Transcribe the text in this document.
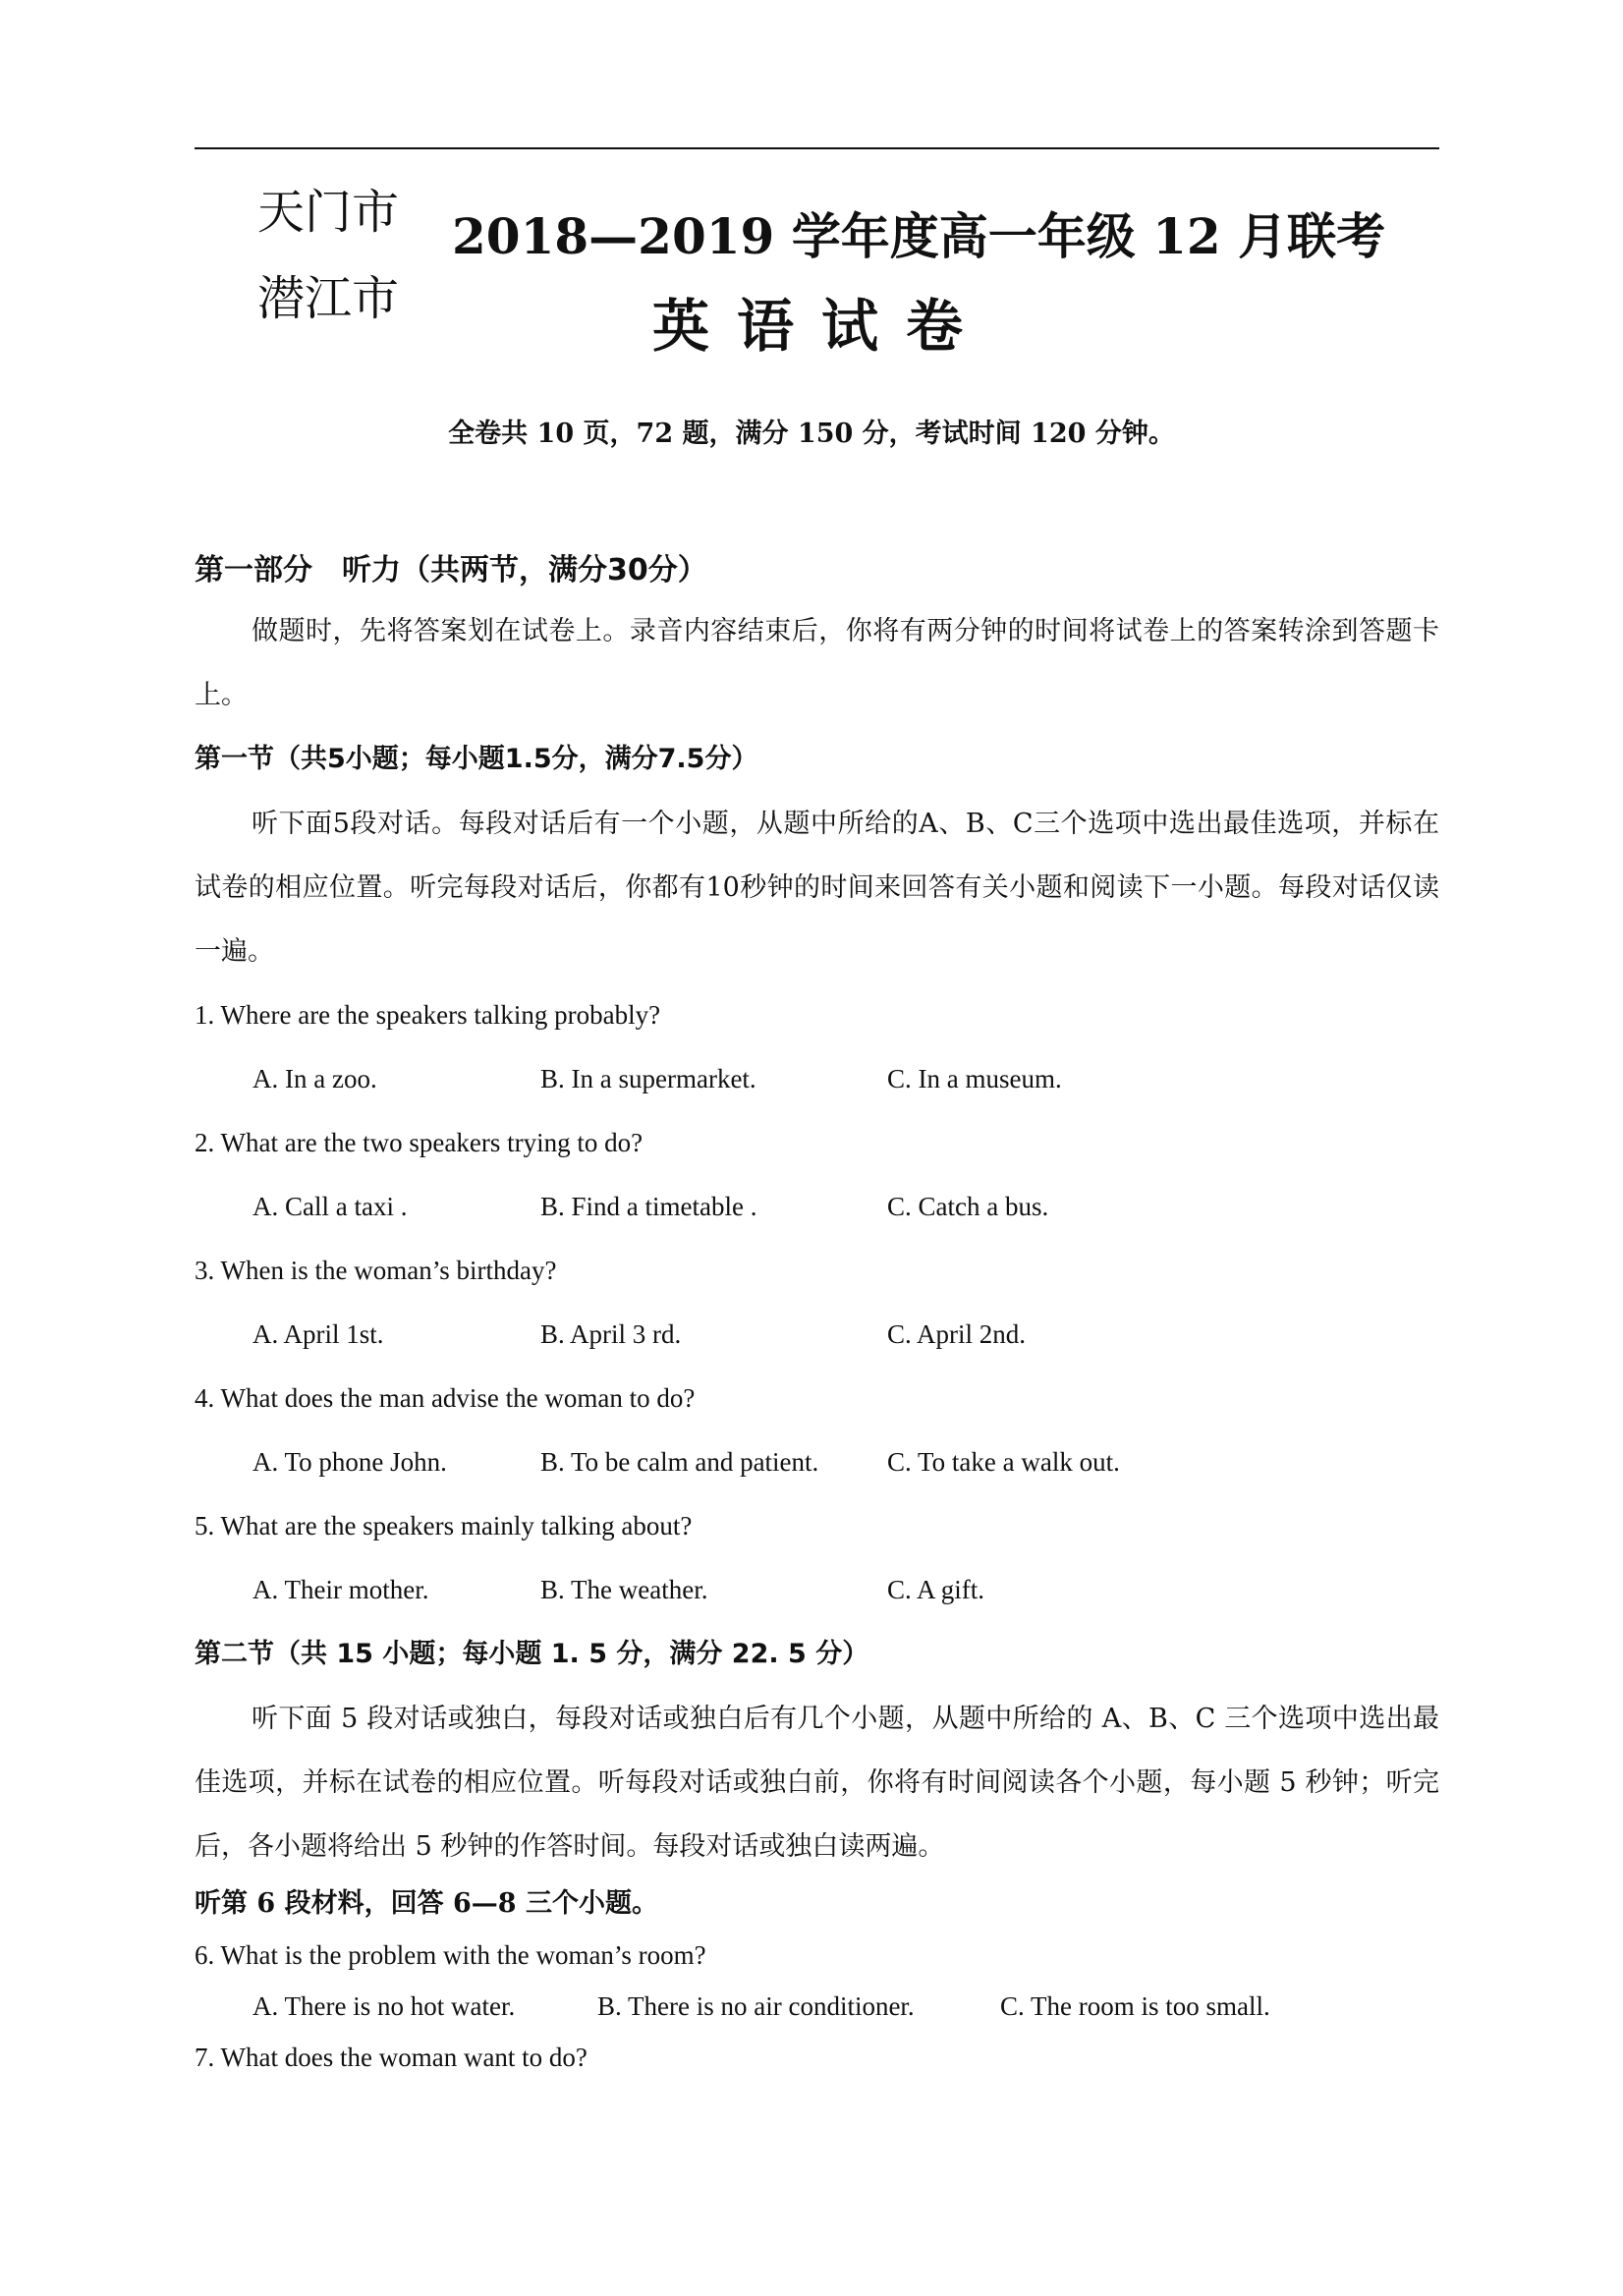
天门市
潜江市
2018—2019 学年度高一年级 12 月联考
英语试卷
全卷共 10 页，72 题，满分 150 分，考试时间 120 分钟。
第一部分　听力（共两节，满分30分）

做题时，先将答案划在试卷上。录音内容结束后，你将有两分钟的时间将试卷上的答案转涂到答题卡上。

第一节（共5小题；每小题1.5分，满分7.5分）

听下面5段对话。每段对话后有一个小题，从题中所给的A、B、C三个选项中选出最佳选项，并标在试卷的相应位置。听完每段对话后，你都有10秒钟的时间来回答有关小题和阅读下一小题。每段对话仅读一遍。

1. Where are the speakers talking probably?
A. In a zoo.	B. In a supermarket.	C. In a museum.
2. What are the two speakers trying to do?
A. Call a taxi .	B. Find a timetable .	C. Catch a bus.
3. When is the woman’s birthday?
A. April 1st.	B. April 3 rd.	C. April 2nd.
4. What does the man advise the woman to do?
A. To phone John.	B. To be calm and patient.	C. To take a walk out.
5. What are the speakers mainly talking about?
A. Their mother.	B. The weather.	C. A gift.
第二节（共 15 小题；每小题 1. 5 分，满分 22. 5 分）

听下面 5 段对话或独白，每段对话或独白后有几个小题，从题中所给的 A、B、C 三个选项中选出最佳选项，并标在试卷的相应位置。听每段对话或独白前，你将有时间阅读各个小题，每小题 5 秒钟；听完后，各小题将给出 5 秒钟的作答时间。每段对话或独白读两遍。

听第 6 段材料，回答 6—8 三个小题。
6. What is the problem with the woman’s room?
A. There is no hot water.	B. There is no air conditioner.	C. The room is too small.
7. What does the woman want to do?
